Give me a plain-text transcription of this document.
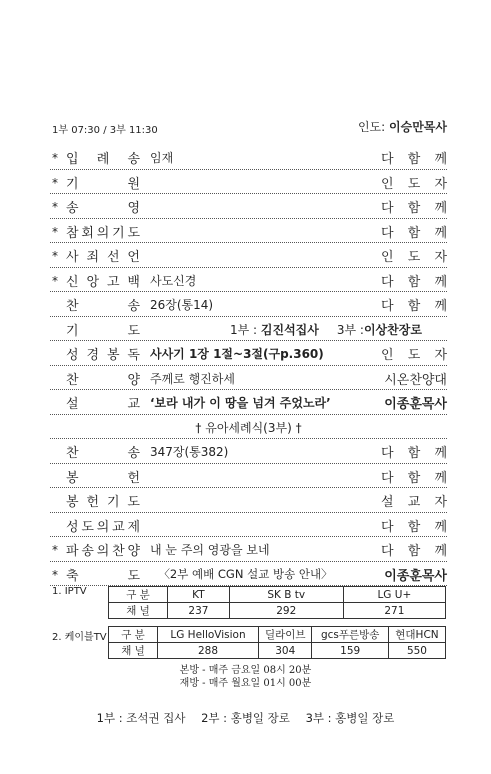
1부 07:30 / 3부 11:30	인도: 이승만목사
* 입 례 송 임재	다 함 께
* 기	원	인 도 자
* 송	영	다 함 께
* 참 회 의 기 도	다 함 께
* 사 죄 선 언	인 도 자
* 신 앙 고 백 사도신경	다 함 께
찬	송 26장(통14)	다 함 께
기	도	1부 : 김진석집사 3부 :이상찬장로
성 경 봉 독 사사기 1장 1절~3절(구p.360)	인 도 자
찬	양 주께로 행진하세	시온찬양대
설	교 ‘보라 내가 이 땅을 넘겨 주었노라’	이종훈목사
† 유아세례식(3부) †
찬	송 347장(통382)	다 함 께
봉	헌	다 함 께
봉 헌 기 도	설 교 자
성 도 의 교 제	다 함 께
* 파 송 의 찬 양 내 눈 주의 영광을 보네	다 함 께
* 축	도	이종훈목사
〈2부 예배 CGN 설교 방송 안내〉
1. IPTV	구 분	KT	SK B tv	LG U+
채 널	237	292	271
2. 케이블TV 구 분	LG HelloVision	딜라이브	gcs푸른방송	현대HCN
채 널	288	304	159	550
본방 - 매주 금요일 08시 20분
재방 - 매주 월요일 01시 00분
1부 : 조석권 집사 2부 : 홍병일 장로 3부 : 홍병일 장로
